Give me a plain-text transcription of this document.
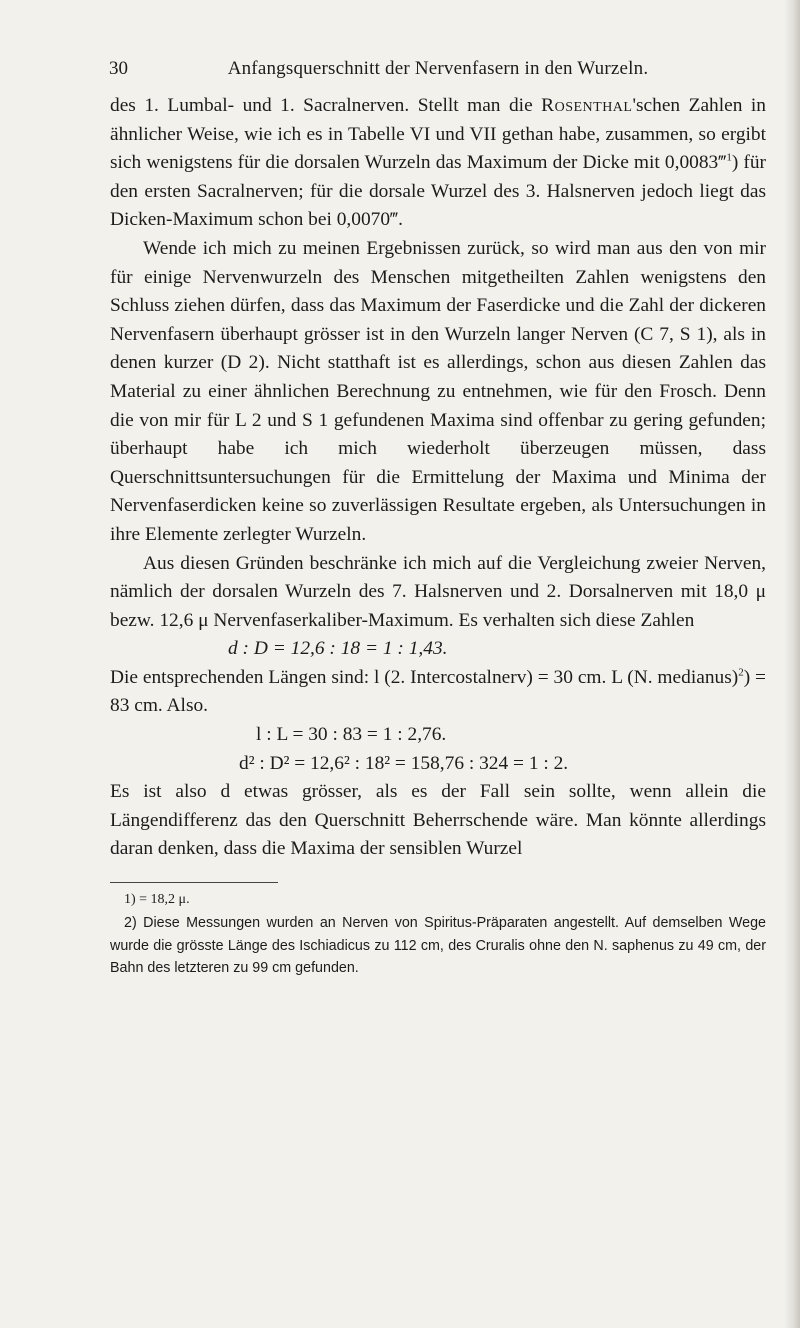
30	Anfangsquerschnitt der Nervenfasern in den Wurzeln.

des 1. Lumbal- und 1. Sacralnerven. Stellt man die Rosenthal'schen Zahlen in ähnlicher Weise, wie ich es in Tabelle VI und VII gethan habe, zusammen, so ergibt sich wenigstens für die dorsalen Wurzeln das Maximum der Dicke mit 0,0083‴$^1$) für den ersten Sacralnerven; für die dorsale Wurzel des 3. Halsnerven jedoch liegt das Dicken-Maximum schon bei 0,0070‴.

Wende ich mich zu meinen Ergebnissen zurück, so wird man aus den von mir für einige Nervenwurzeln des Menschen mitgetheilten Zahlen wenigstens den Schluss ziehen dürfen, dass das Maximum der Faserdicke und die Zahl der dickeren Nervenfasern überhaupt grösser ist in den Wurzeln langer Nerven (C 7, S 1), als in denen kurzer (D 2). Nicht statthaft ist es allerdings, schon aus diesen Zahlen das Material zu einer ähnlichen Berechnung zu entnehmen, wie für den Frosch. Denn die von mir für L 2 und S 1 gefundenen Maxima sind offenbar zu gering gefunden; überhaupt habe ich mich wiederholt überzeugen müssen, dass Querschnittsuntersuchungen für die Ermittelung der Maxima und Minima der Nervenfaserdicken keine so zuverlässigen Resultate ergeben, als Untersuchungen in ihre Elemente zerlegter Wurzeln.

Aus diesen Gründen beschränke ich mich auf die Vergleichung zweier Nerven, nämlich der dorsalen Wurzeln des 7. Halsnerven und 2. Dorsalnerven mit 18,0 μ bezw. 12,6 μ Nervenfaserkaliber-Maximum. Es verhalten sich diese Zahlen

d : D = 12,6 : 18 = 1 : 1,43.

Die entsprechenden Längen sind: l (2. Intercostalnerv) = 30 cm. L (N. medianus)$^2$) = 83 cm. Also.

l : L = 30 : 83 = 1 : 2,76.
d² : D² = 12,6² : 18² = 158,76 : 324 = 1 : 2.

Es ist also d etwas grösser, als es der Fall sein sollte, wenn allein die Längendifferenz das den Querschnitt Beherrschende wäre. Man könnte allerdings daran denken, dass die Maxima der sensiblen Wurzel

1) = 18,2 μ.

2) Diese Messungen wurden an Nerven von Spiritus-Präparaten angestellt. Auf demselben Wege wurde die grösste Länge des Ischiadicus zu 112 cm, des Cruralis ohne den N. saphenus zu 49 cm, der Bahn des letzteren zu 99 cm gefunden.
